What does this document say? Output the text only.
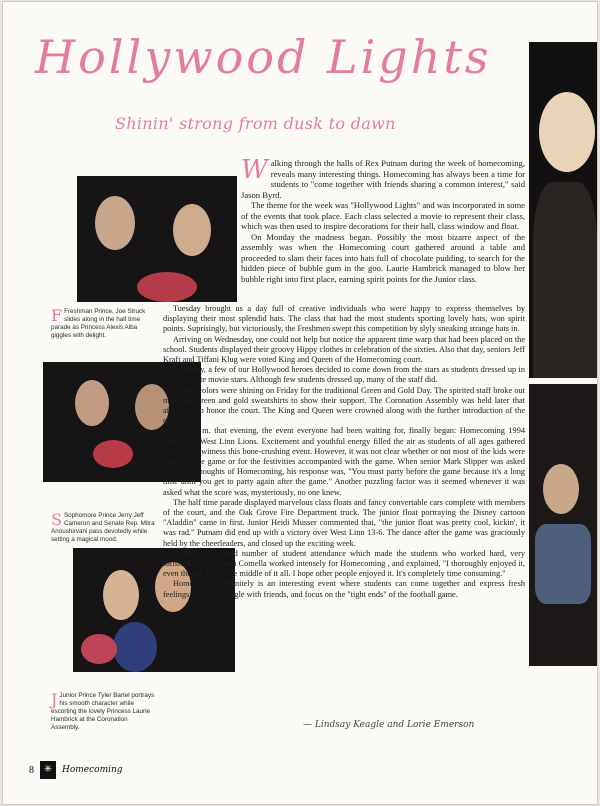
Hollywood Lights
Shinin' strong from dusk to dawn
F Freshman Prince, Joe Struck slides along in the half time parade as Princess Alexis Alba giggles with delight.
S Sophomore Prince Jerry Jeff Cameron and Senate Rep. Mitra Anoushirvani pass devotedly while setting a magical mood.
J Junior Prince Tyler Bartel portrays his smooth character while escorting the lovely Princess Laurie Hambrick at the Coronation Assembly.

Walking through the halls of Rex Putnam during the week of homecoming, reveals many interesting things. Homecoming has always been a time for students to "come together with friends sharing a common interest," said Jason Byrd.

The theme for the week was "Hollywood Lights" and was incorporated in some of the events that took place. Each class selected a movie to represent their class, which was then used to inspire decorations for their hall, class window and float.

On Monday the madness began. Possibly the most bizarre aspect of the assembly was when the Homecoming court gathered around a table and proceeded to slam their faces into hats full of chocolate pudding, to search for the hidden piece of bubble gum in the goo. Laurie Hambrick managed to blow her bubble right into first place, earning spirit points for the Junior class.

Tuesday brought us a day full of creative individuals who were happy to express themselves by displaying their most splendid hats. The class that had the most students sporting lovely hats, won spirit points. Suprisingly, but victoriously, the Freshmen swept this competition by slyly sneaking strange hats in.

Arriving on Wednesday, one could not help but notice the apparent time warp that had been placed on the school. Students displayed their groovy Hippy clothes in celebration of the sixties. Also that day, seniors Jeff Kraft and Tiffani Klug were voted King and Queen of the Homecoming court.

Thursday, a few of our Hollywood heroes decided to come down from the stars as students dressed up in their favorite movie stars. Although few students dressed up, many of the staff did.

School colors were shining on Friday for the traditional Green and Gold Day. The spirited staff broke out matching green and gold sweatshirts to show their support. The Coronation Assembly was held later that afternoon to honor the court. The King and Queen were crowned along with the further introduction of the court.

At 7 p. m. that evening, the event everyone had been waiting for, finally began: Homecoming 1994 versus the West Linn Lions. Excitement and youthful energy filled the air as students of all ages gathered together to witness this bone-crushing event. However, it was not clear whether or not most of the kids were there for the game or for the festivities accompanied with the game. When senior Mark Slipper was asked about his thoughts of Homecoming, his response was, "You must party before the game because it's a long time until you get to party again after the game." Another puzzling factor was it seemed whenever it was asked what the score was, mysteriously, no one knew.

The half time parade displayed marvelous class floats and fancy convertable cars complete with members of the court, and the Oak Grove Fire Department truck. The junior float portraying the Disney cartoon "Aladdin" came in first. Junior Heidi Musser commented that, "the junior float was pretty cool, kickin', it was rad." Putnam did end up with a victory over West Linn 13-6. The dance after the game was graciously held by the cheerleaders, and closed up the exciting week.

There was a good number of student attendance which made the students who worked hard, very satisfied. Senior Dana Comella worked intensely for Homecoming , and explained, "I thoroughly enjoyed it, even though I'm in the middle of it all. I hope other people enjoyed it. It's completely time consuming."

Homecoming definitely is an interesting event where students can come together and express fresh feelings of spirit, mingle with friends, and focus on the "tight ends" of the football game.

— Lindsay Keagle and Lorie Emerson
8 ✳	Homecoming
